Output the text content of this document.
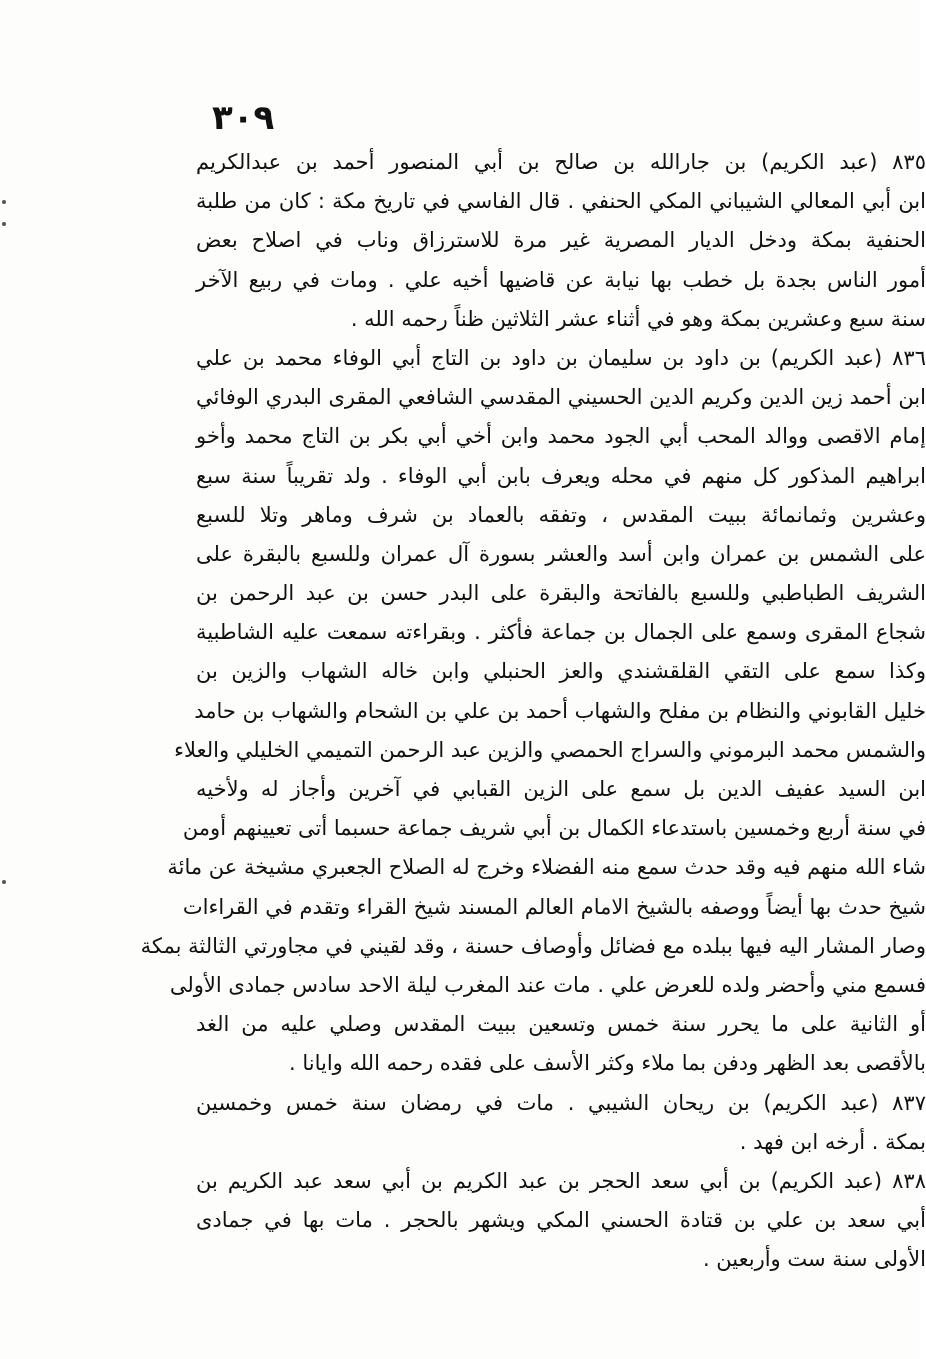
٣٠٩
٨٣٥ (عبد الكريم) بن جارالله بن صالح بن أبي المنصور أحمد بن عبدالكريم
ابن أبي المعالي الشيباني المكي الحنفي . قال الفاسي في تاريخ مكة : كان من طلبة
الحنفية بمكة ودخل الديار المصرية غير مرة للاسترزاق وناب في اصلاح بعض
أمور الناس بجدة بل خطب بها نيابة عن قاضيها أخيه علي . ومات في ربيع الآخر
سنة سبع وعشرين بمكة وهو في أثناء عشر الثلاثين ظناً رحمه الله .
٨٣٦ (عبد الكريم) بن داود بن سليمان بن داود بن التاج أبي الوفاء محمد بن علي
ابن أحمد زين الدين وكريم الدين الحسيني المقدسي الشافعي المقرى البدري الوفائي
إمام الاقصى ووالد المحب أبي الجود محمد وابن أخي أبي بكر بن التاج محمد وأخو
ابراهيم المذكور كل منهم في محله ويعرف بابن أبي الوفاء . ولد تقريباً سنة سبع
وعشرين وثمانمائة ببيت المقدس ، وتفقه بالعماد بن شرف وماهر وتلا للسبع
على الشمس بن عمران وابن أسد والعشر بسورة آل عمران وللسبع بالبقرة على
الشريف الطباطبي وللسبع بالفاتحة والبقرة على البدر حسن بن عبد الرحمن بن
شجاع المقرى وسمع على الجمال بن جماعة فأكثر . وبقراءته سمعت عليه الشاطبية
وكذا سمع على التقي القلقشندي والعز الحنبلي وابن خاله الشهاب والزين بن
خليل القابوني والنظام بن مفلح والشهاب أحمد بن علي بن الشحام والشهاب بن حامد
والشمس محمد البرموني والسراج الحمصي والزين عبد الرحمن التميمي الخليلي والعلاء
ابن السيد عفيف الدين بل سمع على الزين القبابي في آخرين وأجاز له ولأخيه
في سنة أربع وخمسين باستدعاء الكمال بن أبي شريف جماعة حسبما أتى تعيينهم أومن
شاء الله منهم فيه وقد حدث سمع منه الفضلاء وخرج له الصلاح الجعبري مشيخة عن مائة
شيخ حدث بها أيضاً ووصفه بالشيخ الامام العالم المسند شيخ القراء وتقدم في القراءات
وصار المشار اليه فيها ببلده مع فضائل وأوصاف حسنة ، وقد لقيني في مجاورتي الثالثة بمكة
فسمع مني وأحضر ولده للعرض علي . مات عند المغرب ليلة الاحد سادس جمادى الأولى
أو الثانية على ما يحرر سنة خمس وتسعين ببيت المقدس وصلي عليه من الغد
بالأقصى بعد الظهر ودفن بما ملاء وكثر الأسف على فقده رحمه الله وايانا .
٨٣٧ (عبد الكريم) بن ريحان الشيبي . مات في رمضان سنة خمس وخمسين
بمكة . أرخه ابن فهد .
٨٣٨ (عبد الكريم) بن أبي سعد الحجر بن عبد الكريم بن أبي سعد عبد الكريم بن
أبي سعد بن علي بن قتادة الحسني المكي ويشهر بالحجر . مات بها في جمادى
الأولى سنة ست وأربعين .
